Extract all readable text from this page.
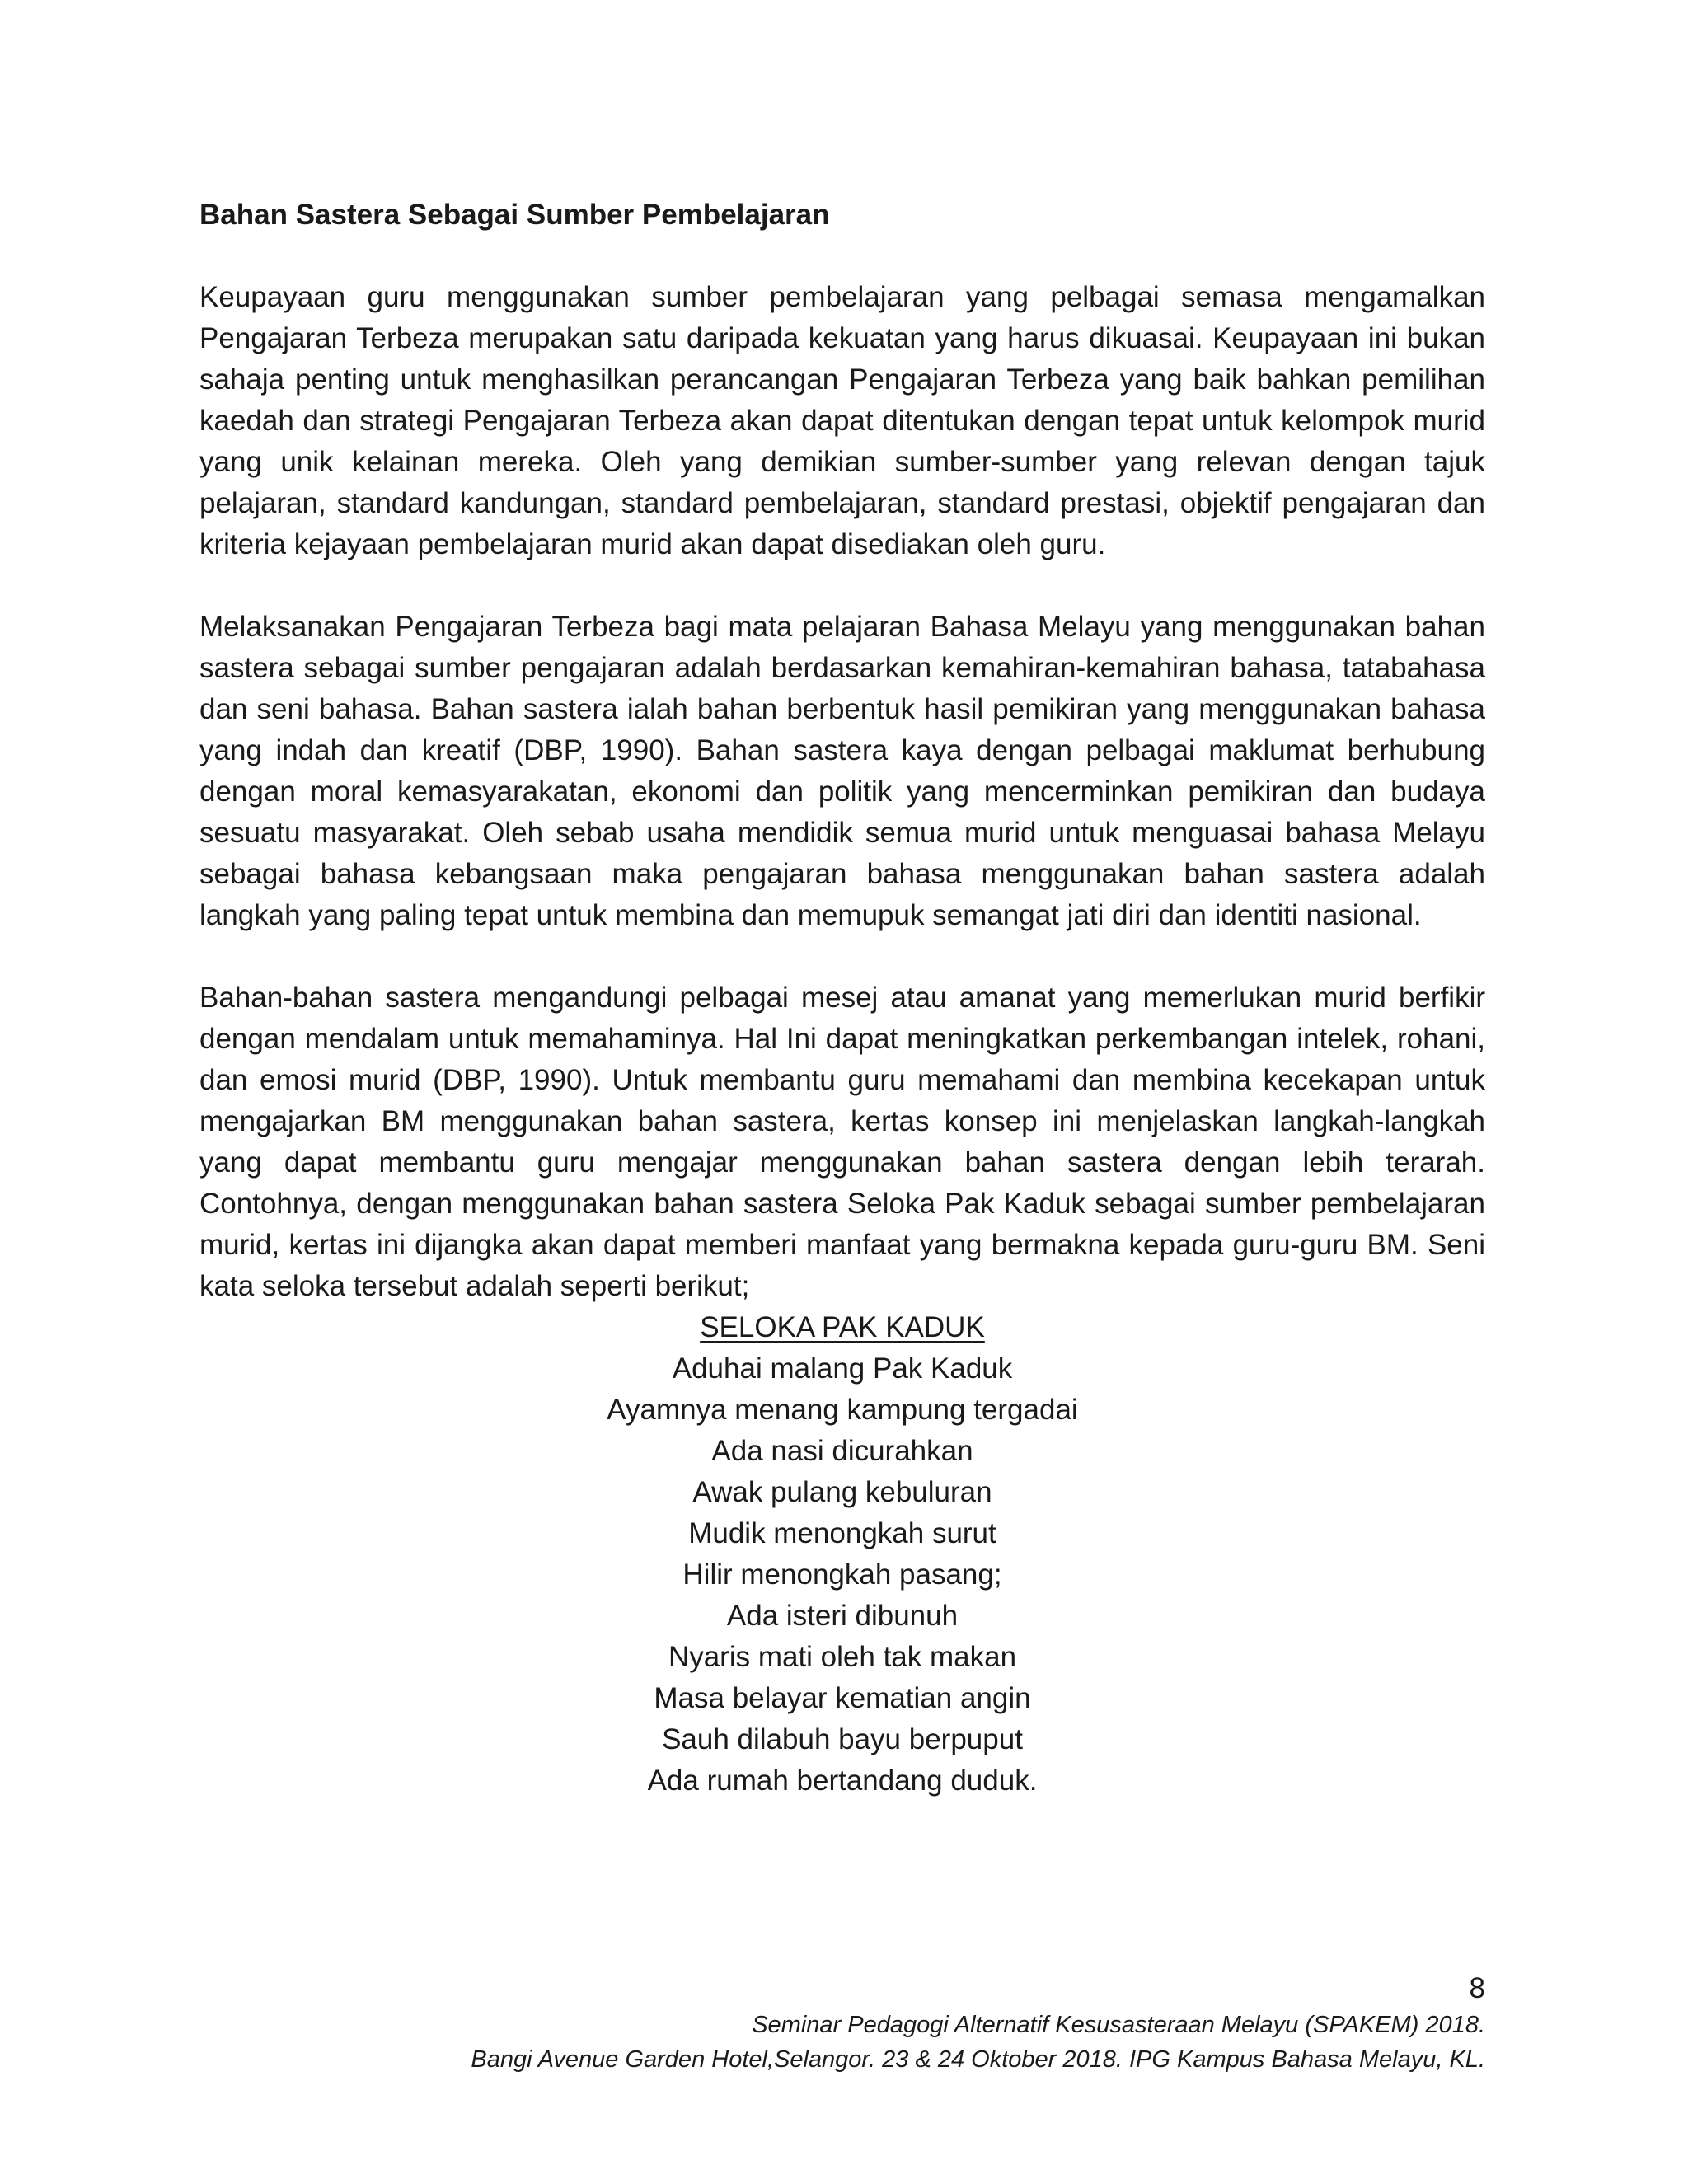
Bahan Sastera Sebagai Sumber Pembelajaran

Keupayaan guru menggunakan sumber pembelajaran yang pelbagai semasa mengamalkan Pengajaran Terbeza merupakan satu daripada kekuatan yang harus dikuasai. Keupayaan ini bukan sahaja penting untuk menghasilkan perancangan Pengajaran Terbeza yang baik bahkan pemilihan kaedah dan strategi Pengajaran Terbeza akan dapat ditentukan dengan tepat untuk kelompok murid yang unik kelainan mereka. Oleh yang demikian sumber-sumber yang relevan dengan tajuk pelajaran, standard kandungan, standard pembelajaran, standard prestasi, objektif pengajaran dan kriteria kejayaan pembelajaran murid akan dapat disediakan oleh guru.

Melaksanakan Pengajaran Terbeza bagi mata pelajaran Bahasa Melayu yang menggunakan bahan sastera sebagai sumber pengajaran adalah berdasarkan kemahiran-kemahiran bahasa, tatabahasa dan seni bahasa. Bahan sastera ialah bahan berbentuk hasil pemikiran yang menggunakan bahasa yang indah dan kreatif (DBP, 1990). Bahan sastera kaya dengan pelbagai maklumat berhubung dengan moral kemasyarakatan, ekonomi dan politik yang mencerminkan pemikiran dan budaya sesuatu masyarakat. Oleh sebab usaha mendidik semua murid untuk menguasai bahasa Melayu sebagai bahasa kebangsaan maka pengajaran bahasa menggunakan bahan sastera adalah langkah yang paling tepat untuk membina dan memupuk semangat jati diri dan identiti nasional.

Bahan-bahan sastera mengandungi pelbagai mesej atau amanat yang memerlukan murid berfikir dengan mendalam untuk memahaminya. Hal Ini dapat meningkatkan perkembangan intelek, rohani, dan emosi murid (DBP, 1990). Untuk membantu guru memahami dan membina kecekapan untuk mengajarkan BM menggunakan bahan sastera, kertas konsep ini menjelaskan langkah-langkah yang dapat membantu guru mengajar menggunakan bahan sastera dengan lebih terarah. Contohnya, dengan menggunakan bahan sastera Seloka Pak Kaduk sebagai sumber pembelajaran murid, kertas ini dijangka akan dapat memberi manfaat yang bermakna kepada guru-guru BM. Seni kata seloka tersebut adalah seperti berikut;

SELOKA PAK KADUK
Aduhai malang Pak Kaduk
Ayamnya menang kampung tergadai
Ada nasi dicurahkan
Awak pulang kebuluran
Mudik menongkah surut
Hilir menongkah pasang;
Ada isteri dibunuh
Nyaris mati oleh tak makan
Masa belayar kematian angin
Sauh dilabuh bayu berpuput
Ada rumah bertandang duduk.
8
Seminar Pedagogi Alternatif Kesusasteraan Melayu (SPAKEM) 2018.
Bangi Avenue Garden Hotel,Selangor. 23 & 24 Oktober 2018. IPG Kampus Bahasa Melayu, KL.
